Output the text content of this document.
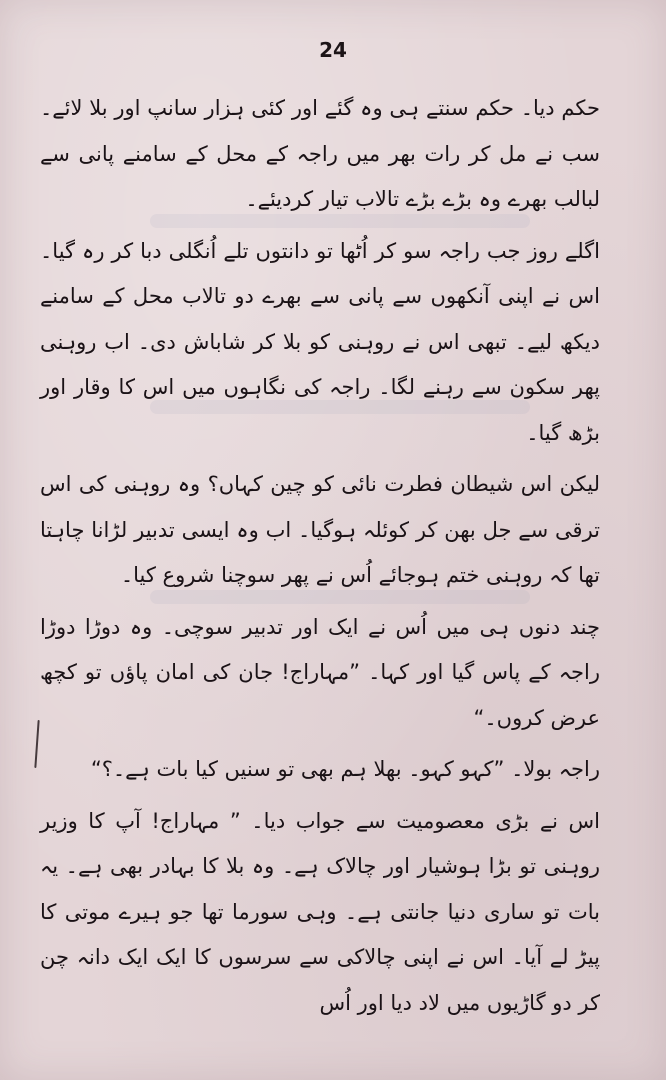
24

حکم دیا۔ حکم سنتے ہی وہ گئے اور کئی ہزار سانپ اور بلا لائے۔ سب نے مل کر رات بھر میں راجہ کے محل کے سامنے پانی سے لبالب بھرے وہ بڑے بڑے تالاب تیار کردیئے۔

اگلے روز جب راجہ سو کر اُٹھا تو دانتوں تلے اُنگلی دبا کر رہ گیا۔ اس نے اپنی آنکھوں سے پانی سے بھرے دو تالاب محل کے سامنے دیکھ لیے۔ تبھی اس نے روہنی کو بلا کر شاباش دی۔ اب روہنی پھر سکون سے رہنے لگا۔ راجہ کی نگاہوں میں اس کا وقار اور بڑھ گیا۔

لیکن اس شیطان فطرت نائی کو چین کہاں؟ وہ روہنی کی اس ترقی سے جل بھن کر کوئلہ ہوگیا۔ اب وہ ایسی تدبیر لڑانا چاہتا تھا کہ روہنی ختم ہوجائے اُس نے پھر سوچنا شروع کیا۔

چند دنوں ہی میں اُس نے ایک اور تدبیر سوچی۔ وہ دوڑا دوڑا راجہ کے پاس گیا اور کہا۔ ”مہاراج! جان کی امان پاؤں تو کچھ عرض کروں۔“

راجہ بولا۔ ”کہو کہو۔ بھلا ہم بھی تو سنیں کیا بات ہے۔؟“

اس نے بڑی معصومیت سے جواب دیا۔ ” مہاراج! آپ کا وزیر روہنی تو بڑا ہوشیار اور چالاک ہے۔ وہ بلا کا بہادر بھی ہے۔ یہ بات تو ساری دنیا جانتی ہے۔ وہی سورما تھا جو ہیرے موتی کا پیڑ لے آیا۔ اس نے اپنی چالاکی سے سرسوں کا ایک ایک دانہ چن کر دو گاڑیوں میں لاد دیا اور اُس
